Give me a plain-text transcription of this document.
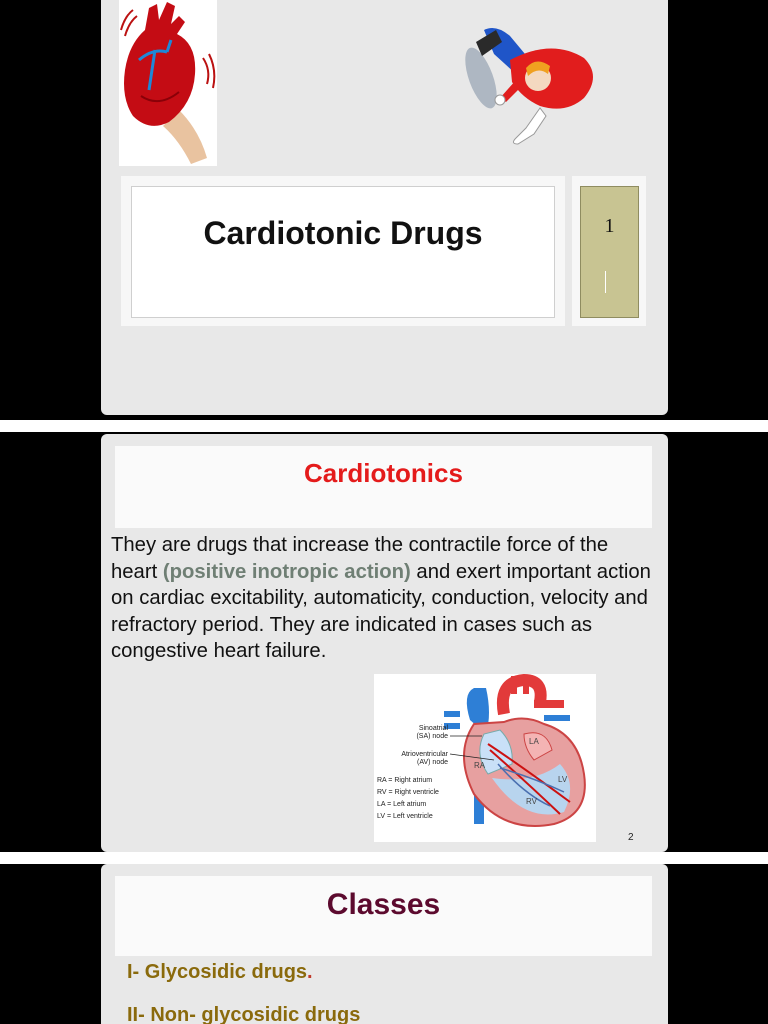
Cardiotonic Drugs	1
Cardiotonics
They are drugs that increase the contractile force of the heart (positive inotropic action) and exert important action on cardiac excitability, automaticity, conduction, velocity and refractory period. They are indicated in cases such as congestive heart failure.
Sinoatrial
(SA) node
Atrioventricular
(AV) node
RA = Right atrium
RV = Right ventricle
LA = Left atrium
LV = Left ventricle
RA
LA
RV
LV
2
Classes
I- Glycosidic drugs.
II- Non- glycosidic drugs
